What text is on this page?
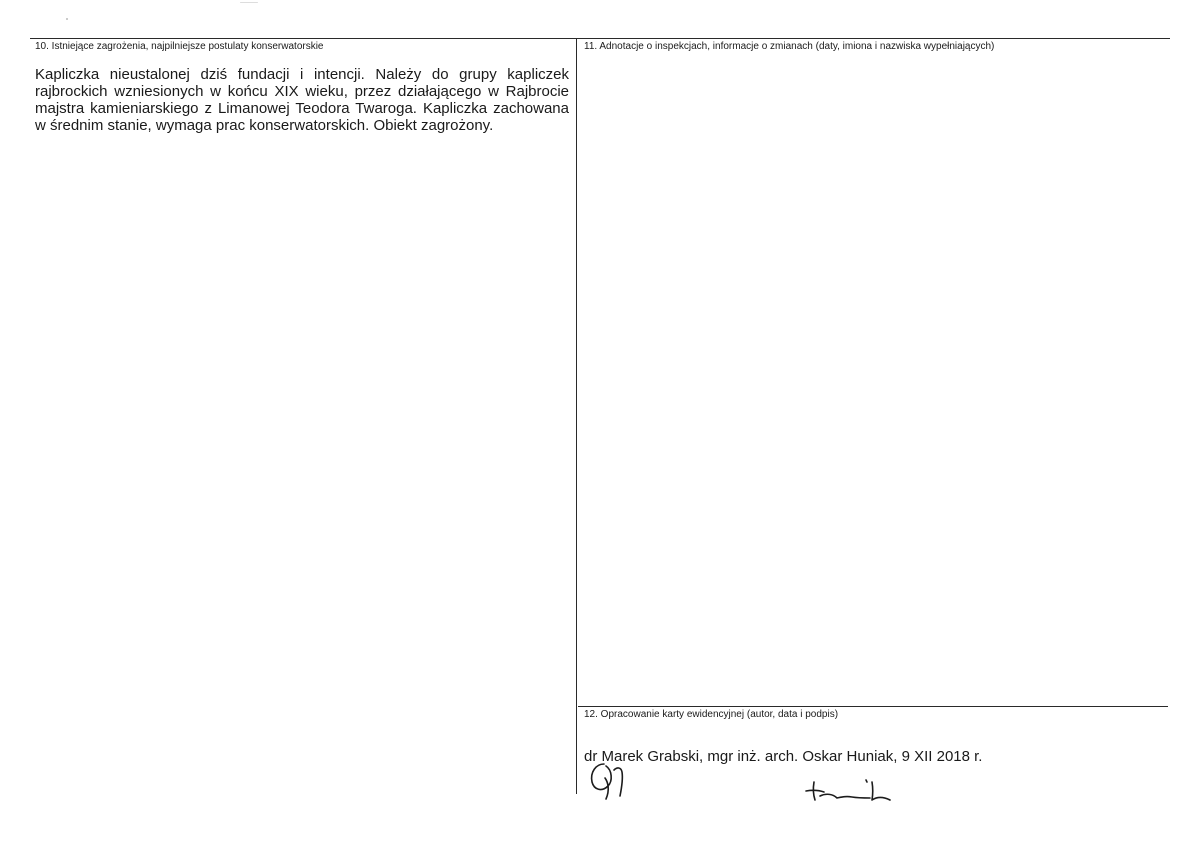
10. Istniejące zagrożenia, najpilniejsze postulaty konserwatorskie
Kapliczka nieustalonej dziś fundacji i intencji. Należy do grupy kapliczek rajbrockich wzniesionych w końcu XIX wieku, przez działającego w Rajbrocie majstra kamieniarskiego z Limanowej Teodora Twaroga. Kapliczka zachowana w średnim stanie, wymaga prac konserwatorskich. Obiekt zagrożony.
11. Adnotacje o inspekcjach, informacje o zmianach (daty, imiona i nazwiska wypełniających)
12. Opracowanie karty ewidencyjnej (autor, data i podpis)
dr Marek Grabski, mgr inż. arch. Oskar Huniak, 9 XII 2018 r.
